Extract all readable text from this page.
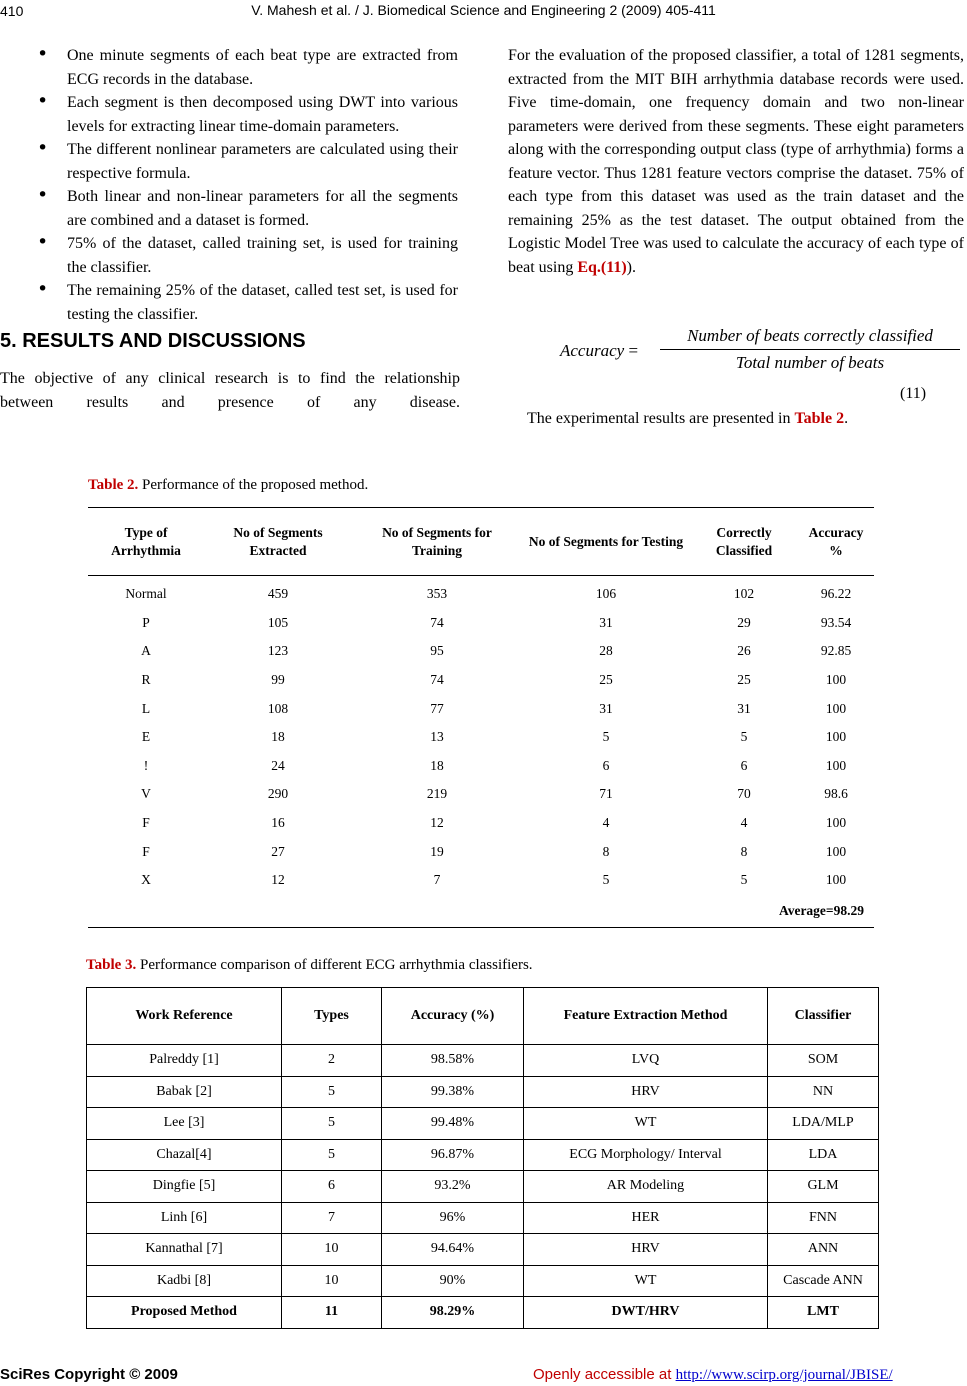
410	V. Mahesh et al. / J. Biomedical Science and Engineering 2 (2009) 405-411
• One minute segments of each beat type are extracted from ECG records in the database.
• Each segment is then decomposed using DWT into various levels for extracting linear time-domain parameters.
• The different nonlinear parameters are calculated using their respective formula.
• Both linear and non-linear parameters for all the segments are combined and a dataset is formed.
• 75% of the dataset, called training set, is used for training the classifier.
• The remaining 25% of the dataset, called test set, is used for testing the classifier.
5. RESULTS AND DISCUSSIONS
The objective of any clinical research is to find the relationship between results and presence of any disease.
For the evaluation of the proposed classifier, a total of 1281 segments, extracted from the MIT BIH arrhythmia database records were used. Five time-domain, one frequency domain and two non-linear parameters were derived from these segments. These eight parameters along with the corresponding output class (type of arrhythmia) forms a feature vector. Thus 1281 feature vectors comprise the dataset. 75% of each type from this dataset was used as the train dataset and the remaining 25% as the test dataset. The output obtained from the Logistic Model Tree was used to calculate the accuracy of each type of beat using Eq.(11)).
Accuracy =
Number of beats correctly classified
Total number of beats
(11)
The experimental results are presented in Table 2.
Table 2. Performance of the proposed method.
Type of Arrhythmia	No of Segments Extracted	No of Segments for Training	No of Segments for Testing	Correctly Classified	Accuracy %
Normal	459	353	106	102	96.22
P	105	74	31	29	93.54
A	123	95	28	26	92.85
R	99	74	25	25	100
L	108	77	31	31	100
E	18	13	5	5	100
!	24	18	6	6	100
V	290	219	71	70	98.6
F	16	12	4	4	100
F	27	19	8	8	100
X	12	7	5	5	100
Average=98.29					
Table 3. Performance comparison of different ECG arrhythmia classifiers.
Work Reference	Types	Accuracy (%)	Feature Extraction Method	Classifier
Palreddy [1]	2	98.58%	LVQ	SOM
Babak [2]	5	99.38%	HRV	NN
Lee [3]	5	99.48%	WT	LDA/MLP
Chazal[4]	5	96.87%	ECG Morphology/ Interval	LDA
Dingfie [5]	6	93.2%	AR Modeling	GLM
Linh [6]	7	96%	HER	FNN
Kannathal [7]	10	94.64%	HRV	ANN
Kadbi [8]	10	90%	WT	Cascade ANN
Proposed Method	11	98.29%	DWT/HRV	LMT
SciRes Copyright © 2009	Openly accessible at http://www.scirp.org/journal/JBISE/
